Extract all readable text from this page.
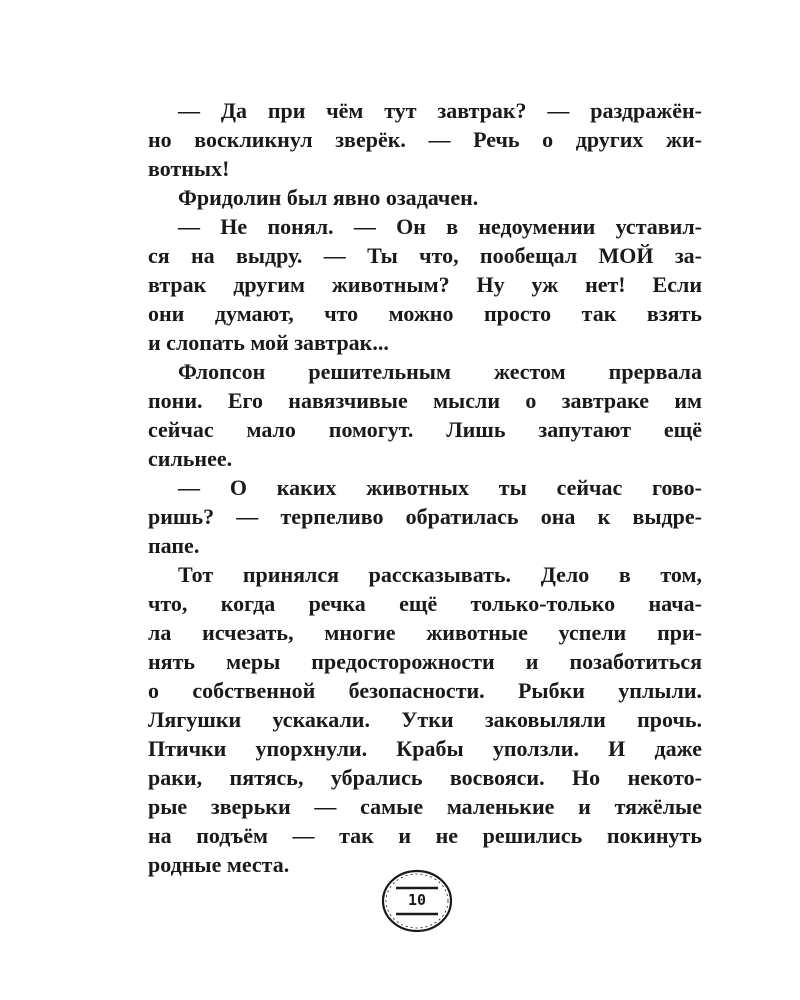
— Да при чём тут завтрак? — раздражён-
но воскликнул зверёк. — Речь о других жи-
вотных!
Фридолин был явно озадачен.
— Не понял. — Он в недоумении уставил-
ся на выдру. — Ты что, пообещал МОЙ за-
втрак другим животным? Ну уж нет! Если
они думают, что можно просто так взять
и слопать мой завтрак...
Флопсон решительным жестом прервала
пони. Его навязчивые мысли о завтраке им
сейчас мало помогут. Лишь запутают ещё
сильнее.
— О каких животных ты сейчас гово-
ришь? — терпеливо обратилась она к выдре-
папе.
Тот принялся рассказывать. Дело в том,
что, когда речка ещё только-только нача-
ла исчезать, многие животные успели при-
нять меры предосторожности и позаботиться
о собственной безопасности. Рыбки уплыли.
Лягушки ускакали. Утки заковыляли прочь.
Птички упорхнули. Крабы уползли. И даже
раки, пятясь, убрались восвояси. Но некото-
рые зверьки — самые маленькие и тяжёлые
на подъём — так и не решились покинуть
родные места.
10
